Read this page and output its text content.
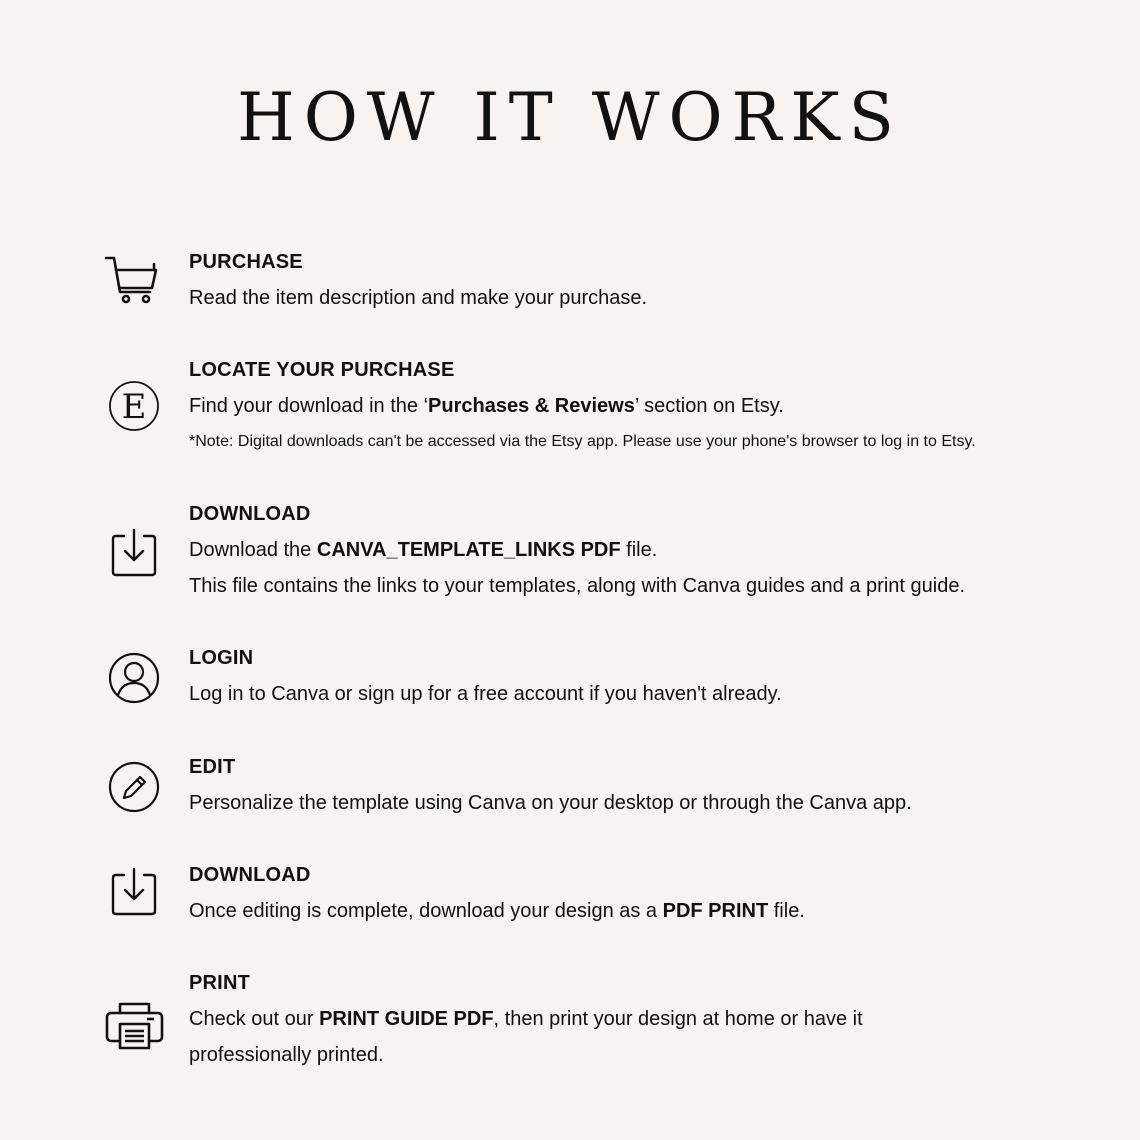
HOW IT WORKS
PURCHASE
Read the item description and make your purchase.
E
LOCATE YOUR PURCHASE
Find your download in the ‘Purchases & Reviews’ section on Etsy.
*Note: Digital downloads can't be accessed via the Etsy app. Please use your phone's browser to log in to Etsy.
DOWNLOAD
Download the CANVA_TEMPLATE_LINKS PDF file.
This file contains the links to your templates, along with Canva guides and a print guide.
LOGIN
Log in to Canva or sign up for a free account if you haven't already.
EDIT
Personalize the template using Canva on your desktop or through the Canva app.
DOWNLOAD
Once editing is complete, download your design as a PDF PRINT file.
PRINT
Check out our PRINT GUIDE PDF, then print your design at home or have it
professionally printed.
